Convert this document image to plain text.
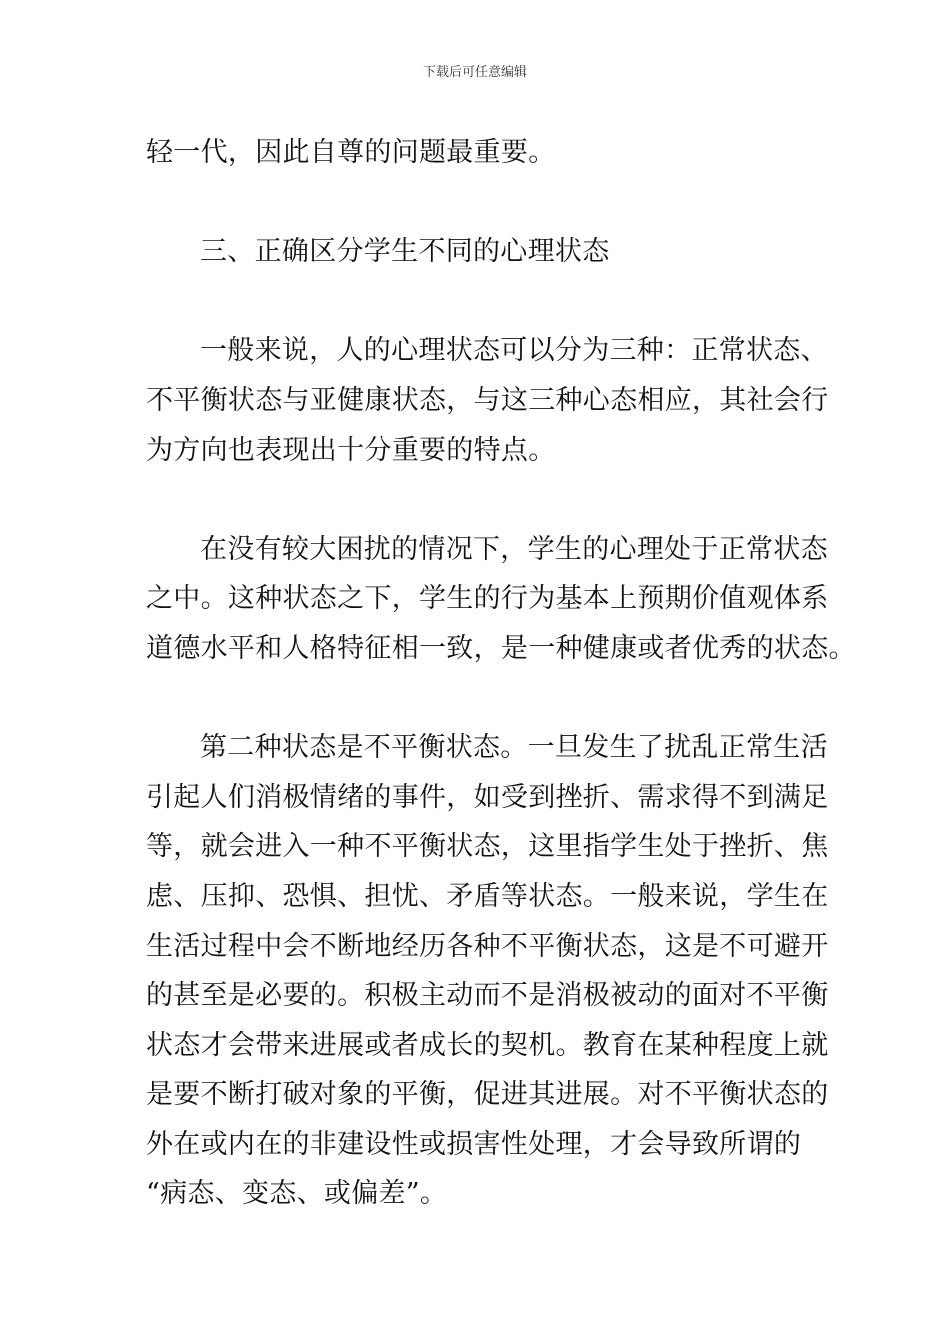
下载后可任意编辑
轻一代，因此自尊的问题最重要。
三、正确区分学生不同的心理状态
一般来说，人的心理状态可以分为三种：正常状态、
不平衡状态与亚健康状态，与这三种心态相应，其社会行
为方向也表现出十分重要的特点。
在没有较大困扰的情况下，学生的心理处于正常状态
之中。这种状态之下，学生的行为基本上预期价值观体系
道德水平和人格特征相一致，是一种健康或者优秀的状态。
第二种状态是不平衡状态。一旦发生了扰乱正常生活
引起人们消极情绪的事件，如受到挫折、需求得不到满足
等，就会进入一种不平衡状态，这里指学生处于挫折、焦
虑、压抑、恐惧、担忧、矛盾等状态。一般来说，学生在
生活过程中会不断地经历各种不平衡状态，这是不可避开
的甚至是必要的。积极主动而不是消极被动的面对不平衡
状态才会带来进展或者成长的契机。教育在某种程度上就
是要不断打破对象的平衡，促进其进展。对不平衡状态的
外在或内在的非建设性或损害性处理，才会导致所谓的
“病态、变态、或偏差”。
